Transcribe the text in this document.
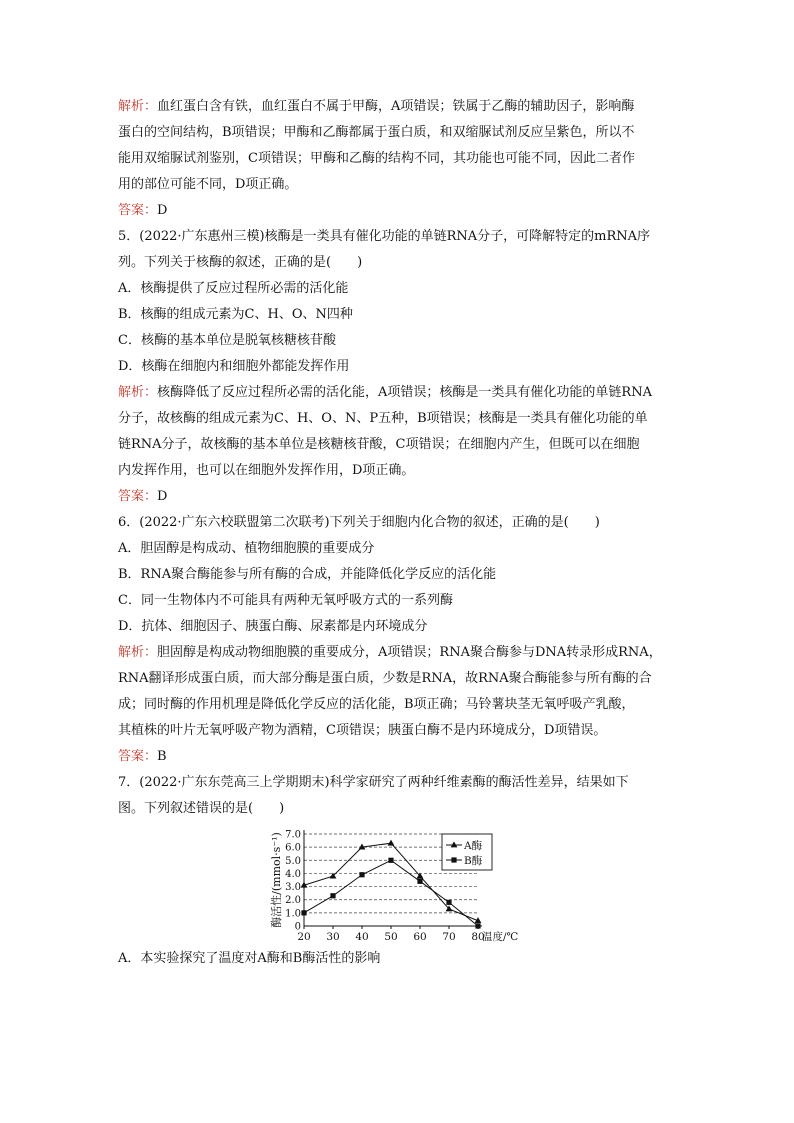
解析：血红蛋白含有铁，血红蛋白不属于甲酶，A项错误；铁属于乙酶的辅助因子，影响酶
蛋白的空间结构，B项错误；甲酶和乙酶都属于蛋白质，和双缩脲试剂反应呈紫色，所以不
能用双缩脲试剂鉴别，C项错误；甲酶和乙酶的结构不同，其功能也可能不同，因此二者作
用的部位可能不同，D项正确。
答案：D
5．(2022·广东惠州三模)核酶是一类具有催化功能的单链RNA分子，可降解特定的mRNA序
列。下列关于核酶的叙述，正确的是(　　)
A．核酶提供了反应过程所必需的活化能
B．核酶的组成元素为C、H、O、N四种
C．核酶的基本单位是脱氧核糖核苷酸
D．核酶在细胞内和细胞外都能发挥作用
解析：核酶降低了反应过程所必需的活化能，A项错误；核酶是一类具有催化功能的单链RNA
分子，故核酶的组成元素为C、H、O、N、P五种，B项错误；核酶是一类具有催化功能的单
链RNA分子，故核酶的基本单位是核糖核苷酸，C项错误；在细胞内产生，但既可以在细胞
内发挥作用，也可以在细胞外发挥作用，D项正确。
答案：D
6．(2022·广东六校联盟第二次联考)下列关于细胞内化合物的叙述，正确的是(　　)
A．胆固醇是构成动、植物细胞膜的重要成分
B．RNA聚合酶能参与所有酶的合成，并能降低化学反应的活化能
C．同一生物体内不可能具有两种无氧呼吸方式的一系列酶
D．抗体、细胞因子、胰蛋白酶、尿素都是内环境成分
解析：胆固醇是构成动物细胞膜的重要成分，A项错误；RNA聚合酶参与DNA转录形成RNA，
RNA翻译形成蛋白质，而大部分酶是蛋白质，少数是RNA，故RNA聚合酶能参与所有酶的合
成；同时酶的作用机理是降低化学反应的活化能，B项正确；马铃薯块茎无氧呼吸产乳酸，
其植株的叶片无氧呼吸产物为酒精，C项错误；胰蛋白酶不是内环境成分，D项错误。
答案：B
7．(2022·广东东莞高三上学期期末)科学家研究了两种纤维素酶的酶活性差异，结果如下
图。下列叙述错误的是(　　)
0
1.0
2.0
3.0
4.0
5.0
6.0
7.0
20 30 40 50 60 70 80
A酶
B酶
酶活性/(mmol·s⁻¹)
温度/℃
A．本实验探究了温度对A酶和B酶活性的影响
